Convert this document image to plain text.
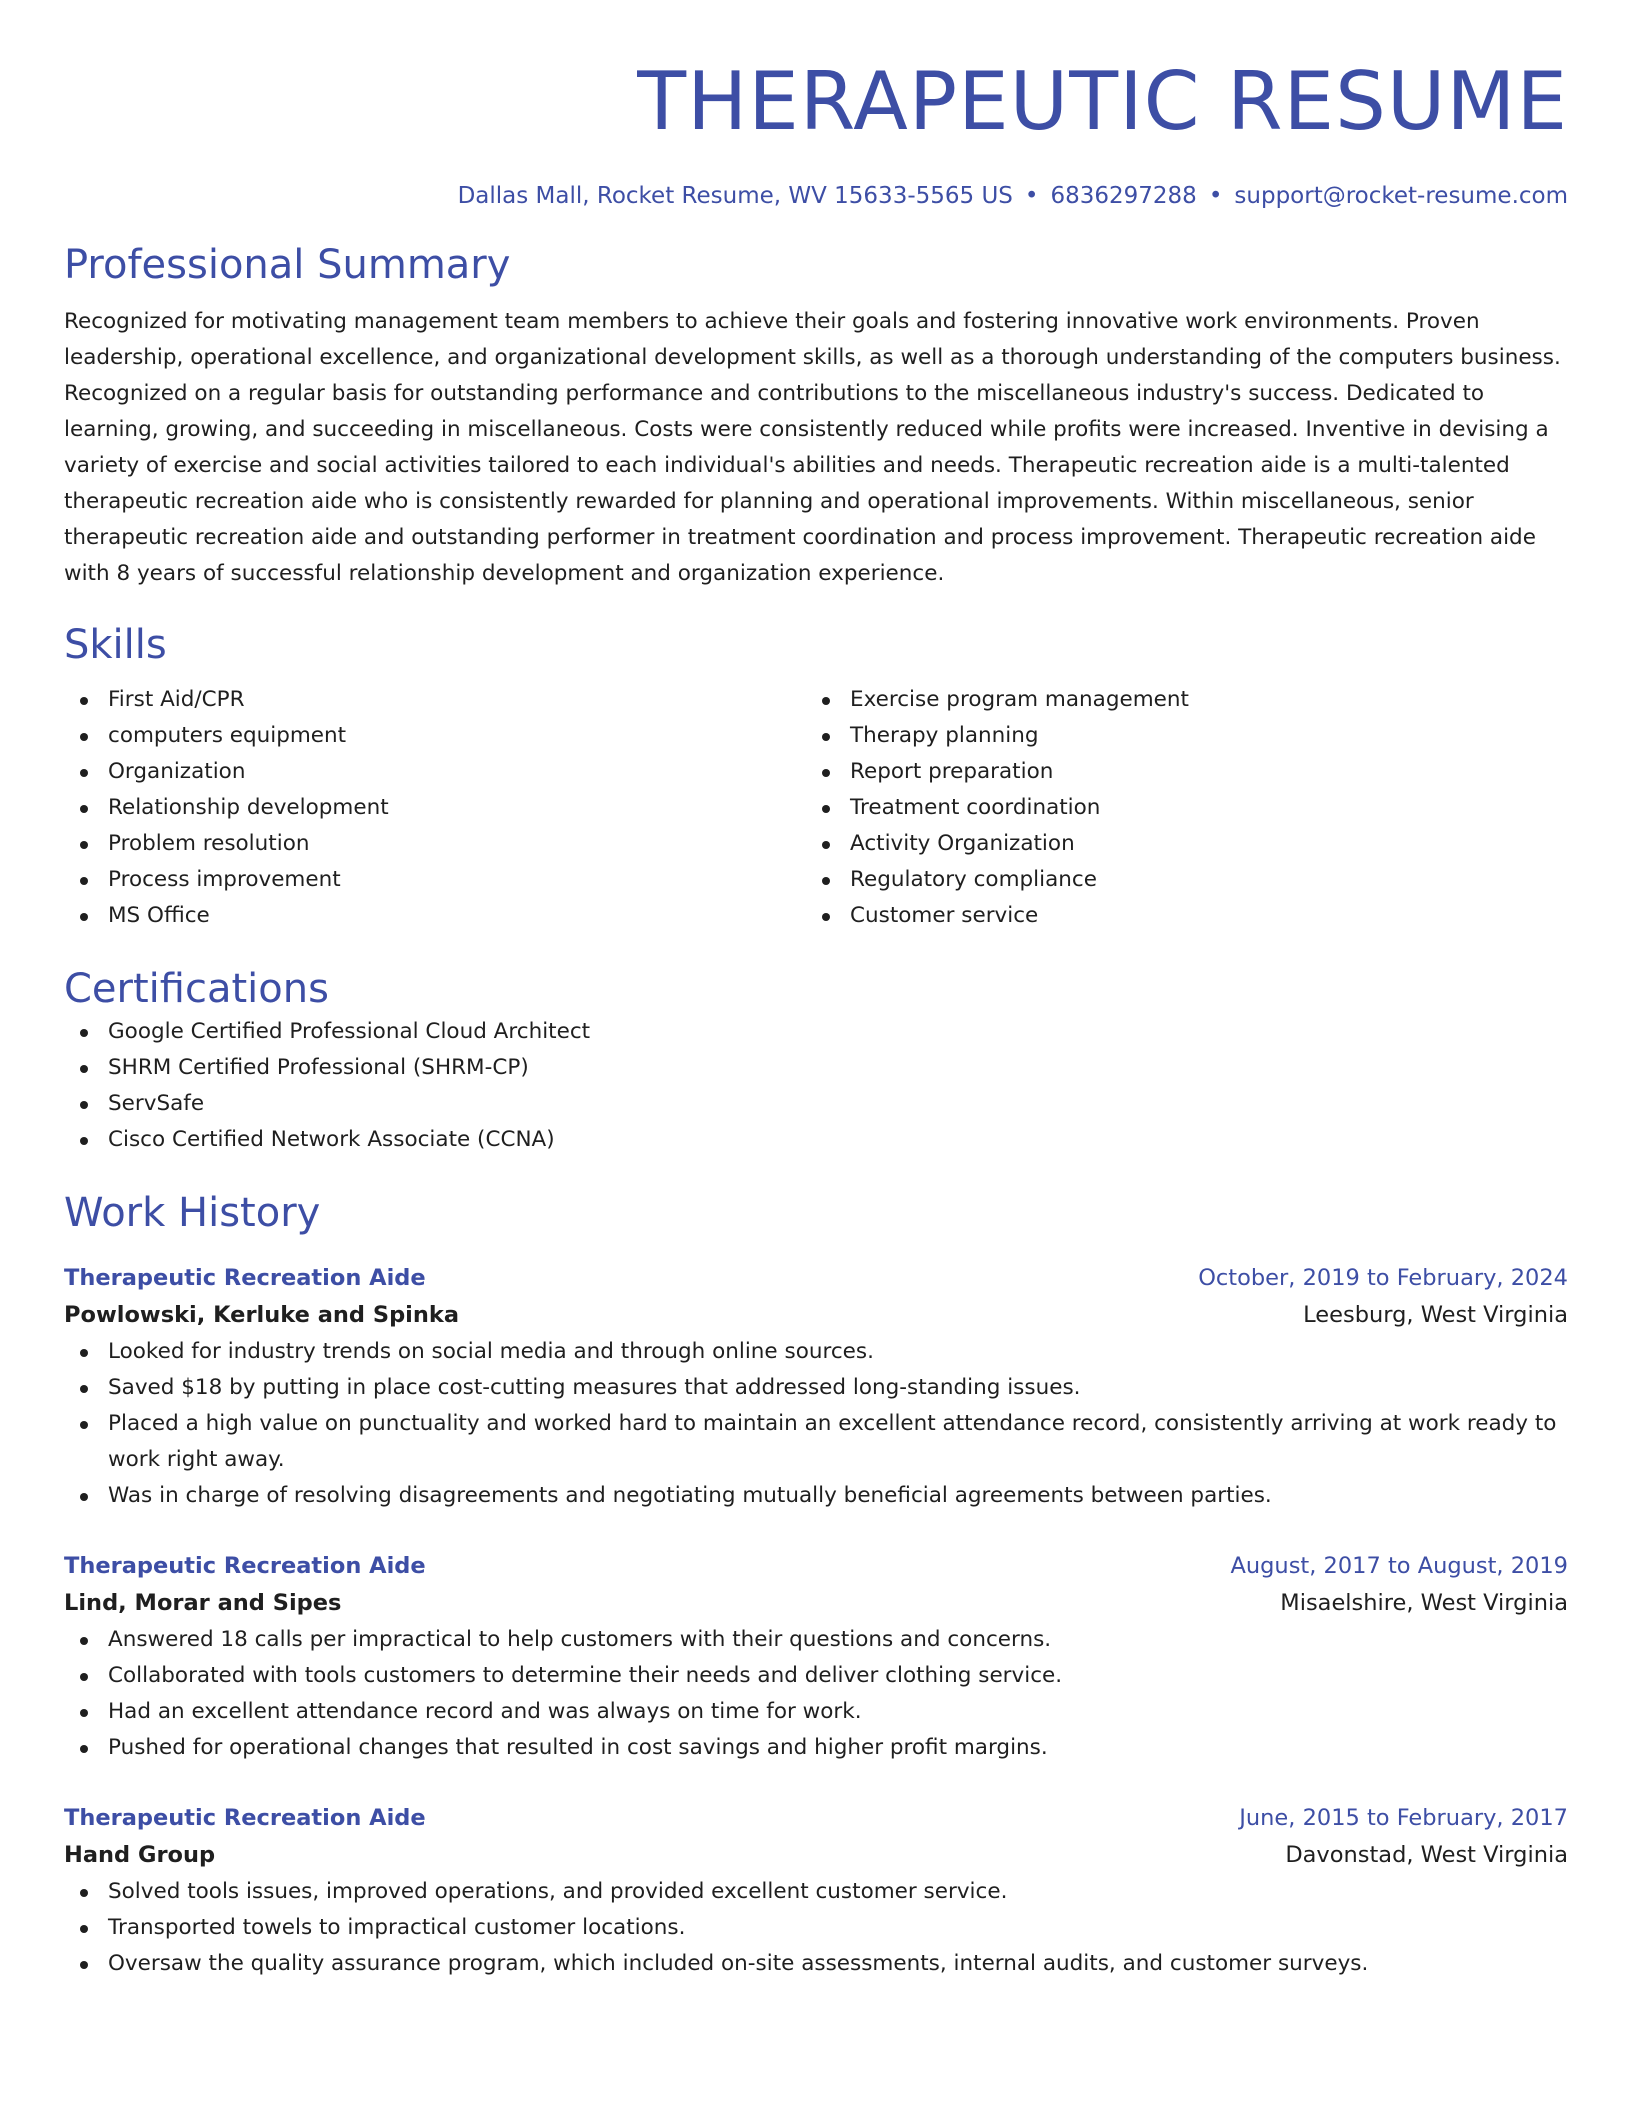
THERAPEUTIC RESUME
Dallas Mall, Rocket Resume, WV 15633-5565 US • 6836297288 • support@rocket-resume.com
Professional Summary

Recognized for motivating management team members to achieve their goals and fostering innovative work environments. Proven leadership, operational excellence, and organizational development skills, as well as a thorough understanding of the computers business. Recognized on a regular basis for outstanding performance and contributions to the miscellaneous industry's success. Dedicated to learning, growing, and succeeding in miscellaneous. Costs were consistently reduced while profits were increased. Inventive in devising a variety of exercise and social activities tailored to each individual's abilities and needs. Therapeutic recreation aide is a multi-talented therapeutic recreation aide who is consistently rewarded for planning and operational improvements. Within miscellaneous, senior therapeutic recreation aide and outstanding performer in treatment coordination and process improvement. Therapeutic recreation aide with 8 years of successful relationship development and organization experience.

Skills
First Aid/CPR
computers equipment
Organization
Relationship development
Problem resolution
Process improvement
MS Office
Exercise program management
Therapy planning
Report preparation
Treatment coordination
Activity Organization
Regulatory compliance
Customer service
Certifications
Google Certified Professional Cloud Architect
SHRM Certified Professional (SHRM-CP)
ServSafe
Cisco Certified Network Associate (CCNA)
Work History
Therapeutic Recreation Aide	October, 2019 to February, 2024
Powlowski, Kerluke and Spinka	Leesburg, West Virginia
Looked for industry trends on social media and through online sources.
Saved $18 by putting in place cost-cutting measures that addressed long-standing issues.
Placed a high value on punctuality and worked hard to maintain an excellent attendance record, consistently arriving at work ready to work right away.
Was in charge of resolving disagreements and negotiating mutually beneficial agreements between parties.
Therapeutic Recreation Aide	August, 2017 to August, 2019
Lind, Morar and Sipes	Misaelshire, West Virginia
Answered 18 calls per impractical to help customers with their questions and concerns.
Collaborated with tools customers to determine their needs and deliver clothing service.
Had an excellent attendance record and was always on time for work.
Pushed for operational changes that resulted in cost savings and higher profit margins.
Therapeutic Recreation Aide	June, 2015 to February, 2017
Hand Group	Davonstad, West Virginia
Solved tools issues, improved operations, and provided excellent customer service.
Transported towels to impractical customer locations.
Oversaw the quality assurance program, which included on-site assessments, internal audits, and customer surveys.
